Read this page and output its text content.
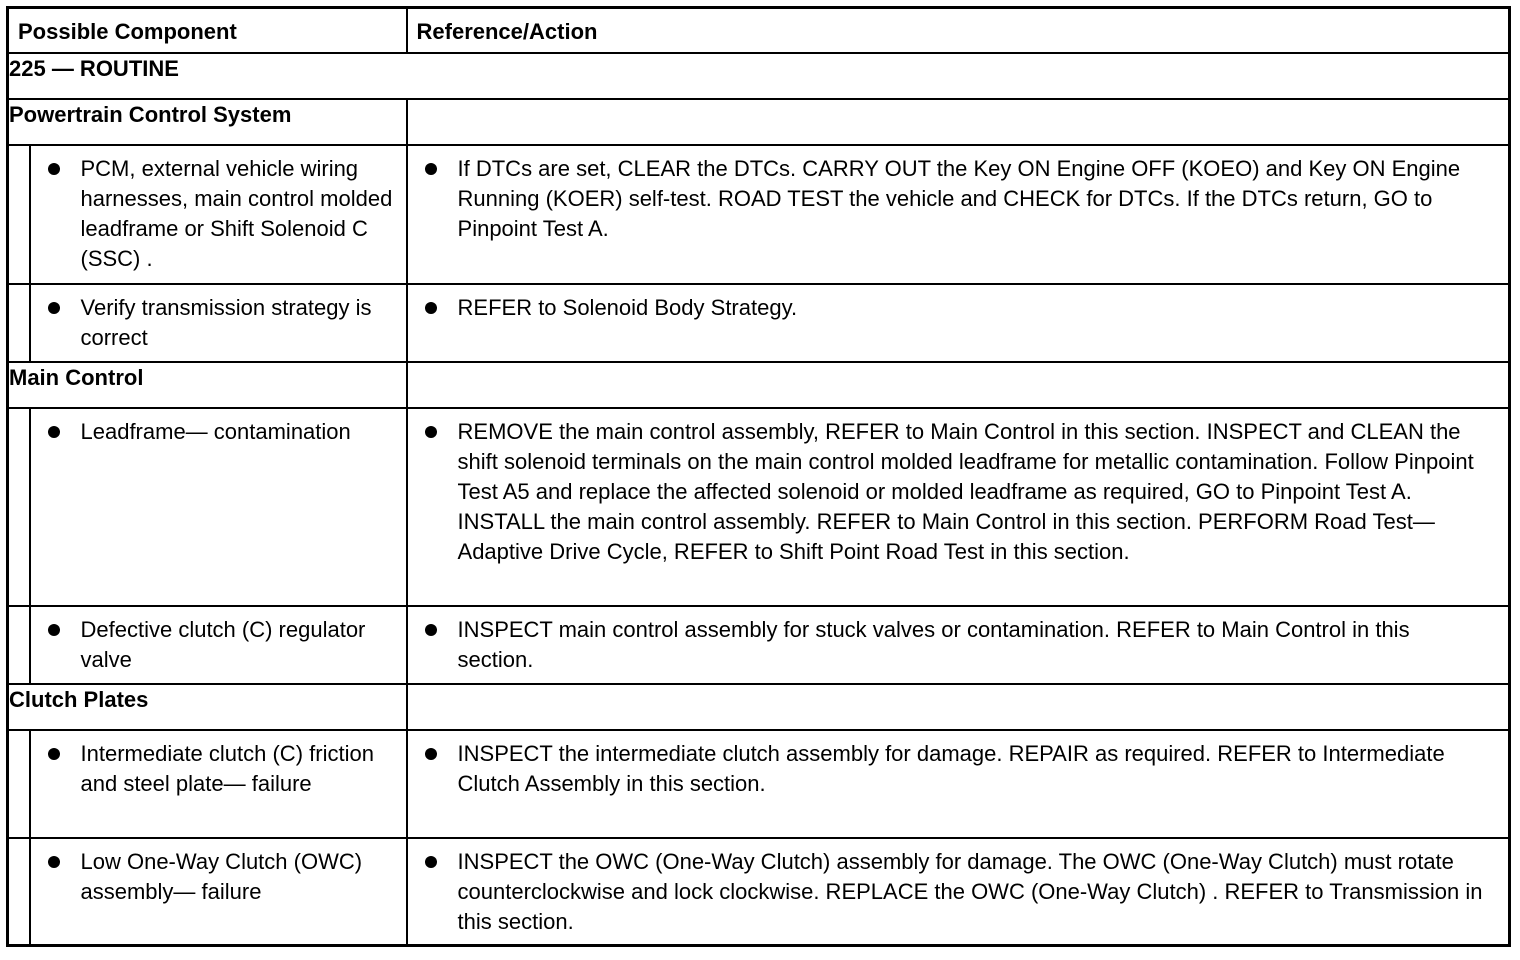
Possible Component		Reference/Action
225 — ROUTINE		
Powertrain Control System		

	PCM, external vehicle wiring harnesses, main control molded leadframe or Shift Solenoid C (SSC) .	If DTCs are set, CLEAR the DTCs. CARRY OUT the Key ON Engine OFF (KOEO) and Key ON Engine Running (KOER) self-test. ROAD TEST the vehicle and CHECK for DTCs. If the DTCs return, GO to Pinpoint Test A.

	Verify transmission strategy is correct	REFER to Solenoid Body Strategy.

Main Control		

	Leadframe— contamination	REMOVE the main control assembly, REFER to Main Control in this section. INSPECT and CLEAN the shift solenoid terminals on the main control molded leadframe for metallic contamination. Follow Pinpoint Test A5 and replace the affected solenoid or molded leadframe as required, GO to Pinpoint Test A. INSTALL the main control assembly. REFER to Main Control in this section. PERFORM Road Test— Adaptive Drive Cycle, REFER to Shift Point Road Test in this section.

	Defective clutch (C) regulator valve	INSPECT main control assembly for stuck valves or contamination. REFER to Main Control in this section.

Clutch Plates		

	Intermediate clutch (C) friction and steel plate— failure	INSPECT the intermediate clutch assembly for damage. REPAIR as required. REFER to Intermediate Clutch Assembly in this section.

	Low One-Way Clutch (OWC) assembly— failure	INSPECT the OWC (One-Way Clutch) assembly for damage. The OWC (One-Way Clutch) must rotate counterclockwise and lock clockwise. REPLACE the OWC (One-Way Clutch) . REFER to Transmission in this section.
